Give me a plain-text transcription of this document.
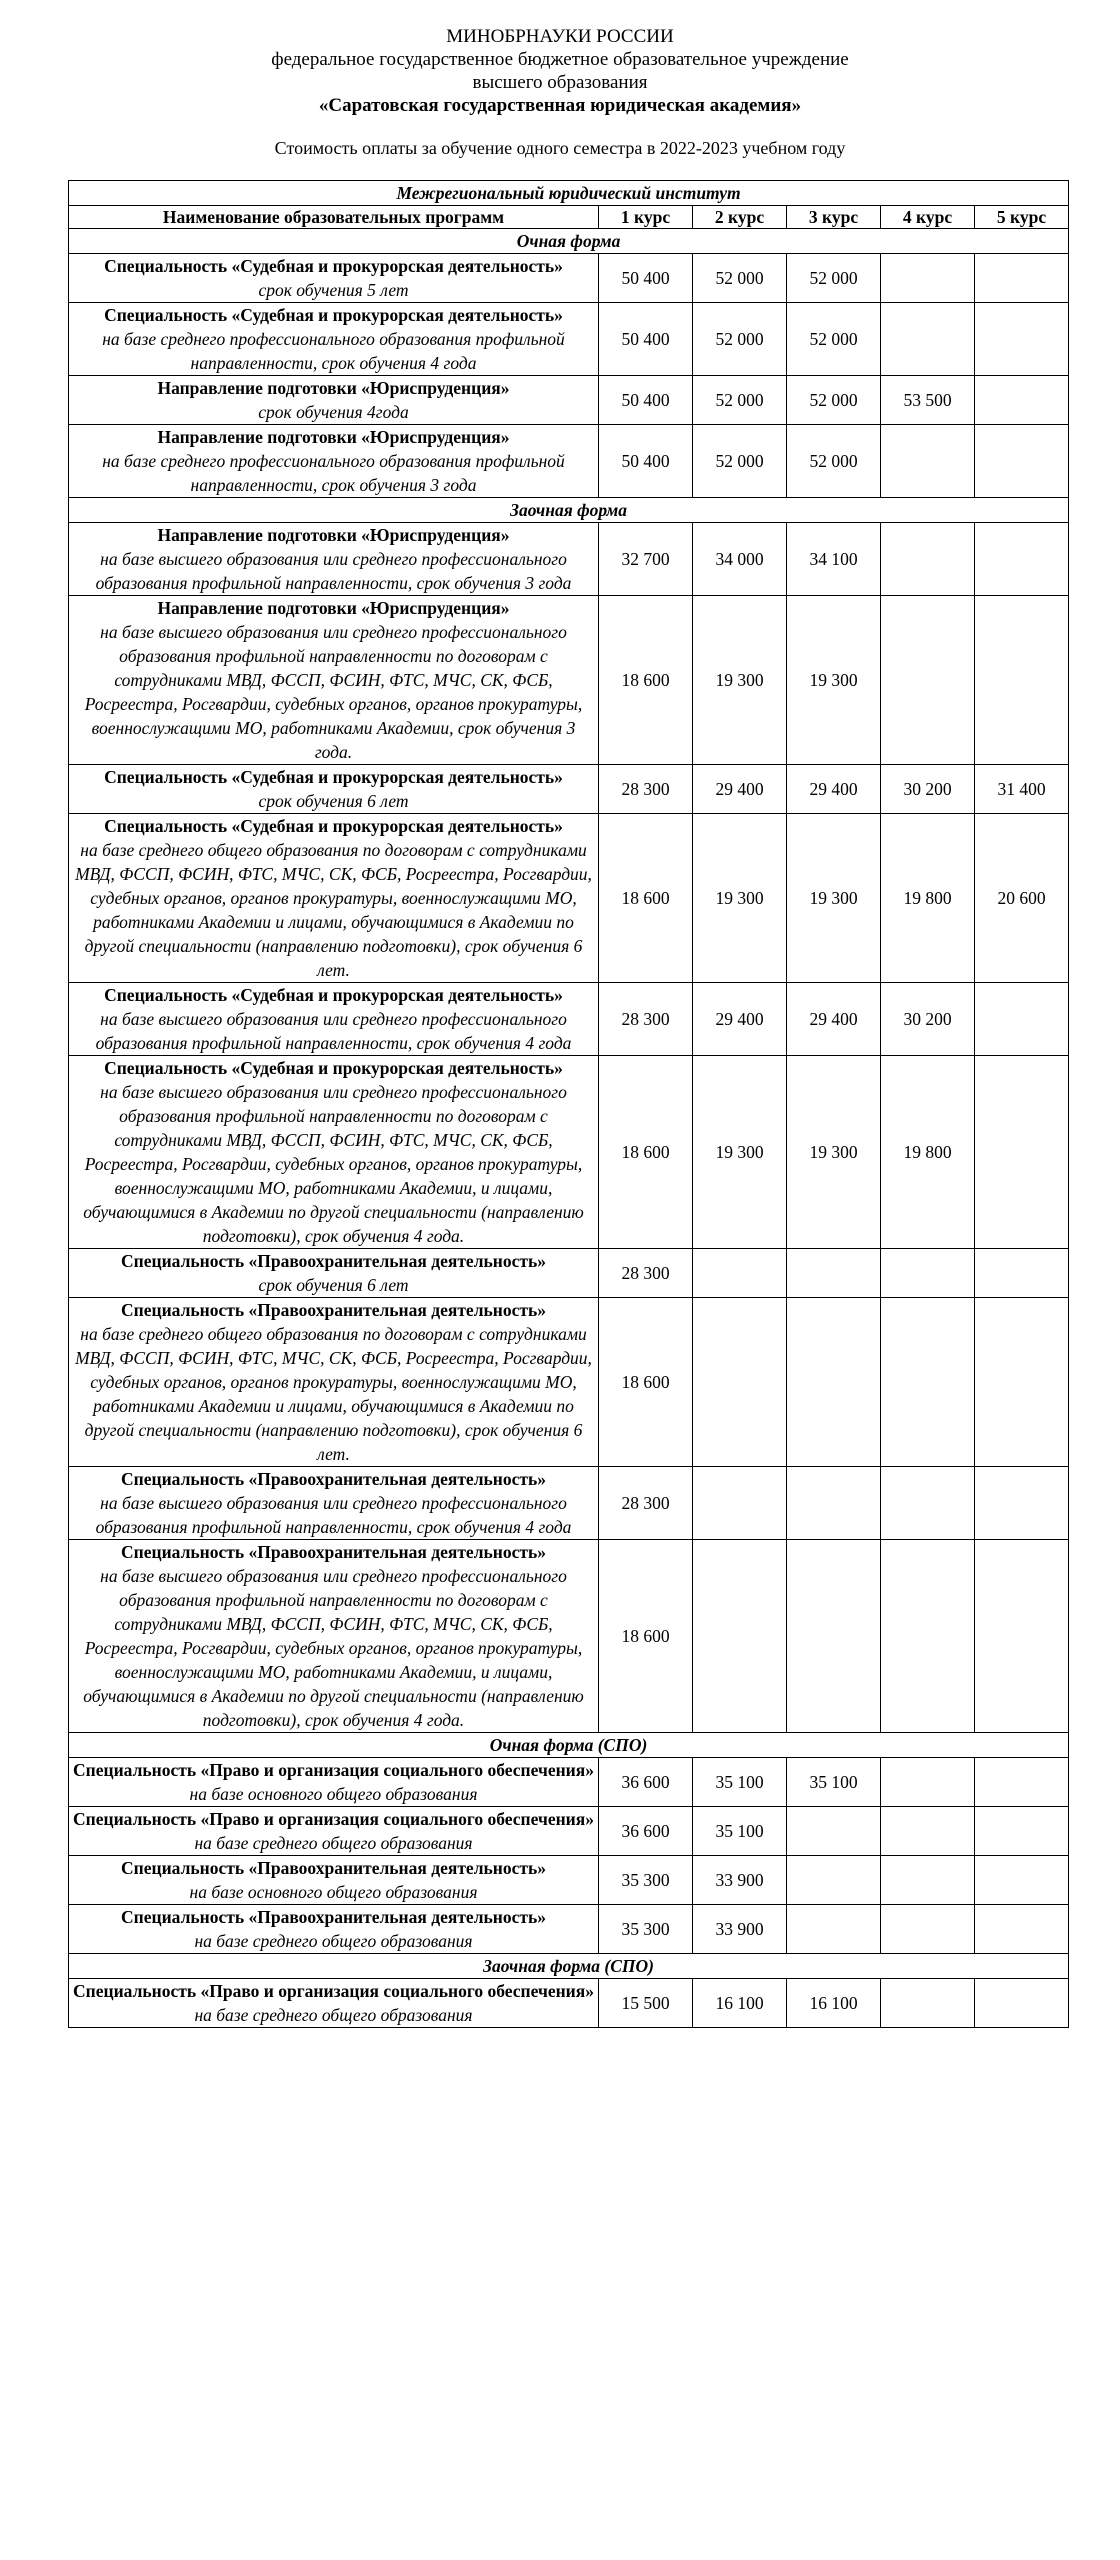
МИНОБРНАУКИ РОССИИ
федеральное государственное бюджетное образовательное учреждение
высшего образования
«Саратовская государственная юридическая академия»
Стоимость оплаты за обучение одного семестра в 2022-2023 учебном году
Межрегиональный юридический институт					
Наименование образовательных программ	1 курс	2 курс	3 курс	4 курс	5 курс
Очная форма					

Специальность «Судебная и прокурорская деятельность»
срок обучения 5 лет	50 400	52 000	52 000		

Специальность «Судебная и прокурорская деятельность»
на базе среднего профессионального образования профильной направленности, срок обучения 4 года	50 400	52 000	52 000		

Направление подготовки «Юриспруденция»
срок обучения 4года	50 400	52 000	52 000	53 500	

Направление подготовки «Юриспруденция»
на базе среднего профессионального образования профильной направленности, срок обучения 3 года	50 400	52 000	52 000		
Заочная форма					

Направление подготовки «Юриспруденция»
на базе высшего образования или среднего профессионального образования профильной направленности, срок обучения 3 года	32 700	34 000	34 100		

Направление подготовки «Юриспруденция»
на базе высшего образования или среднего профессионального образования профильной направленности по договорам с сотрудниками МВД, ФССП, ФСИН, ФТС, МЧС, СК, ФСБ, Росреестра, Росгвардии, судебных органов, органов прокуратуры, военнослужащими МО, работниками Академии, срок обучения 3 года.	18 600	19 300	19 300		

Специальность «Судебная и прокурорская деятельность»
срок обучения 6 лет	28 300	29 400	29 400	30 200	31 400

Специальность «Судебная и прокурорская деятельность»
на базе среднего общего образования по договорам с сотрудниками МВД, ФССП, ФСИН, ФТС, МЧС, СК, ФСБ, Росреестра, Росгвардии, судебных органов, органов прокуратуры, военнослужащими МО, работниками Академии и лицами, обучающимися в Академии по другой специальности (направлению подготовки), срок обучения 6 лет.	18 600	19 300	19 300	19 800	20 600

Специальность «Судебная и прокурорская деятельность»
на базе высшего образования или среднего профессионального образования профильной направленности, срок обучения 4 года	28 300	29 400	29 400	30 200	

Специальность «Судебная и прокурорская деятельность»
на базе высшего образования или среднего профессионального образования профильной направленности по договорам с сотрудниками МВД, ФССП, ФСИН, ФТС, МЧС, СК, ФСБ, Росреестра, Росгвардии, судебных органов, органов прокуратуры, военнослужащими МО, работниками Академии, и лицами, обучающимися в Академии по другой специальности (направлению подготовки), срок обучения 4 года.	18 600	19 300	19 300	19 800	

Специальность «Правоохранительная деятельность»
срок обучения 6 лет	28 300				

Специальность «Правоохранительная деятельность»
на базе среднего общего образования по договорам с сотрудниками МВД, ФССП, ФСИН, ФТС, МЧС, СК, ФСБ, Росреестра, Росгвардии, судебных органов, органов прокуратуры, военнослужащими МО, работниками Академии и лицами, обучающимися в Академии по другой специальности (направлению подготовки), срок обучения 6 лет.	18 600				

Специальность «Правоохранительная деятельность»
на базе высшего образования или среднего профессионального образования профильной направленности, срок обучения 4 года	28 300				

Специальность «Правоохранительная деятельность»
на базе высшего образования или среднего профессионального образования профильной направленности по договорам с сотрудниками МВД, ФССП, ФСИН, ФТС, МЧС, СК, ФСБ, Росреестра, Росгвардии, судебных органов, органов прокуратуры, военнослужащими МО, работниками Академии, и лицами, обучающимися в Академии по другой специальности (направлению подготовки), срок обучения 4 года.	18 600				
Очная форма (СПО)					

Специальность «Право и организация социального обеспечения»
на базе основного общего образования	36 600	35 100	35 100		

Специальность «Право и организация социального обеспечения»
на базе среднего общего образования	36 600	35 100			

Специальность «Правоохранительная деятельность»
на базе основного общего образования	35 300	33 900			

Специальность «Правоохранительная деятельность»
на базе среднего общего образования	35 300	33 900			
Заочная форма (СПО)					

Специальность «Право и организация социального обеспечения»
на базе среднего общего образования	15 500	16 100	16 100		
